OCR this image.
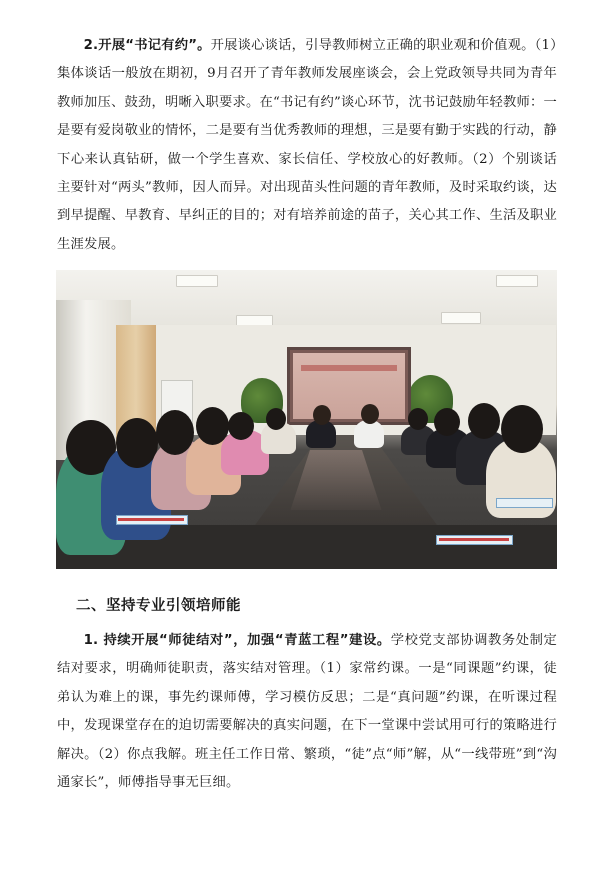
2.开展“书记有约”。开展谈心谈话，引导教师树立正确的职业观和价值观。（1）集体谈话一般放在期初，9月召开了青年教师发展座谈会，会上党政领导共同为青年教师加压、鼓劲，明晰入职要求。在“书记有约”谈心环节，沈书记鼓励年轻教师：一是要有爱岗敬业的情怀，二是要有当优秀教师的理想，三是要有勤于实践的行动，静下心来认真钻研，做一个学生喜欢、家长信任、学校放心的好教师。（2）个别谈话主要针对“两头”教师，因人而异。对出现苗头性问题的青年教师，及时采取约谈，达到早提醒、早教育、早纠正的目的；对有培养前途的苗子，关心其工作、生活及职业生涯发展。

二、坚持专业引领培师能

1. 持续开展“师徒结对”，加强“青蓝工程”建设。学校党支部协调教务处制定结对要求，明确师徒职责，落实结对管理。（1）家常约课。一是“同课题”约课，徒弟认为难上的课，事先约课师傅，学习模仿反思；二是“真问题”约课，在听课过程中，发现课堂存在的迫切需要解决的真实问题，在下一堂课中尝试用可行的策略进行解决。（2）你点我解。班主任工作日常、繁琐，“徒”点“师”解，从“一线带班”到“沟通家长”，师傅指导事无巨细。
